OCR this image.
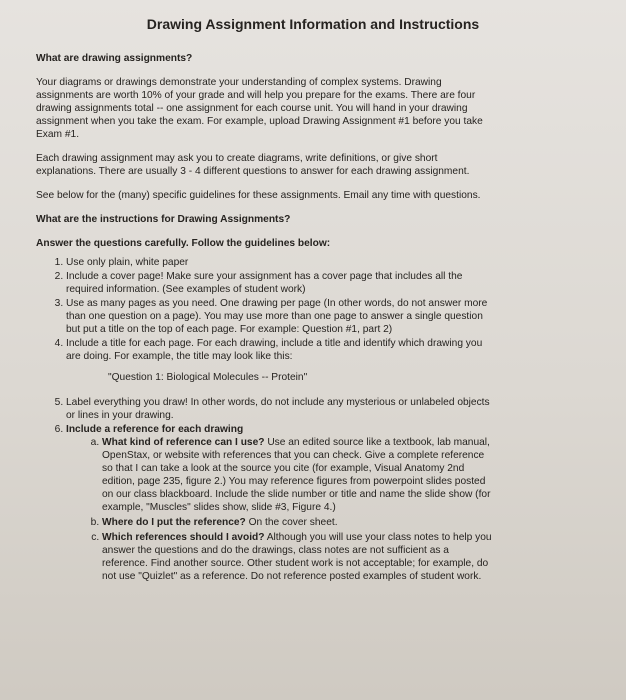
Drawing Assignment Information and Instructions

What are drawing assignments?

Your diagrams or drawings demonstrate your understanding of complex systems. Drawing assignments are worth 10% of your grade and will help you prepare for the exams. There are four drawing assignments total -- one assignment for each course unit. You will hand in your drawing assignment when you take the exam. For example, upload Drawing Assignment #1 before you take Exam #1.

Each drawing assignment may ask you to create diagrams, write definitions, or give short explanations. There are usually 3 - 4 different questions to answer for each drawing assignment.

See below for the (many) specific guidelines for these assignments. Email any time with questions.

What are the instructions for Drawing Assignments?

Answer the questions carefully. Follow the guidelines below:

1. Use only plain, white paper
2. Include a cover page! Make sure your assignment has a cover page that includes all the required information. (See examples of student work)
3. Use as many pages as you need. One drawing per page (In other words, do not answer more than one question on a page). You may use more than one page to answer a single question but put a title on the top of each page. For example: Question #1, part 2)
4. Include a title for each page. For each drawing, include a title and identify which drawing you are doing. For example, the title may look like this:
"Question 1: Biological Molecules -- Protein"
5. Label everything you draw! In other words, do not include any mysterious or unlabeled objects or lines in your drawing.
6. Include a reference for each drawing
a. What kind of reference can I use? Use an edited source like a textbook, lab manual, OpenStax, or website with references that you can check. Give a complete reference so that I can take a look at the source you cite (for example, Visual Anatomy 2nd edition, page 235, figure 2.) You may reference figures from powerpoint slides posted on our class blackboard. Include the slide number or title and name the slide show (for example, "Muscles" slides show, slide #3, Figure 4.)
b. Where do I put the reference? On the cover sheet.
c. Which references should I avoid? Although you will use your class notes to help you answer the questions and do the drawings, class notes are not sufficient as a reference. Find another source. Other student work is not acceptable; for example, do not use "Quizlet" as a reference. Do not reference posted examples of student work.
